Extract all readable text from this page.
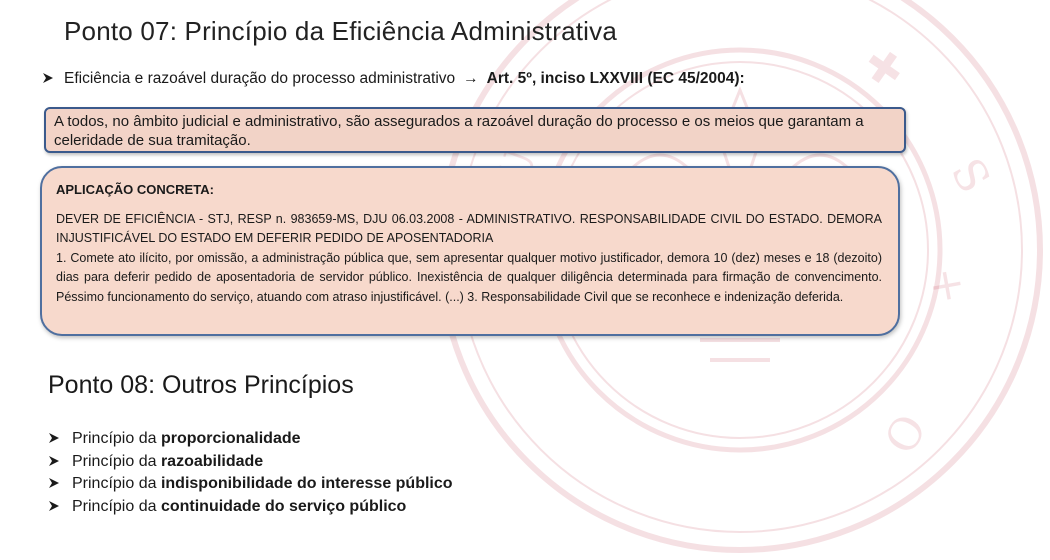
✚
+
O
S
Ponto 07: Princípio da Eficiência Administrativa
Eficiência e razoável duração do processo administrativo → Art. 5º, inciso LXXVIII (EC 45/2004):
A todos, no âmbito judicial e administrativo, são assegurados a razoável duração do processo e os meios que garantam a celeridade de sua tramitação.
APLICAÇÃO CONCRETA:

DEVER DE EFICIÊNCIA - STJ, RESP n. 983659-MS, DJU 06.03.2008 - ADMINISTRATIVO. RESPONSABILIDADE CIVIL DO ESTADO. DEMORA INJUSTIFICÁVEL DO ESTADO EM DEFERIR PEDIDO DE APOSENTADORIA

1. Comete ato ilícito, por omissão, a administração pública que, sem apresentar qualquer motivo justificador, demora 10 (dez) meses e 18 (dezoito) dias para deferir pedido de aposentadoria de servidor público. Inexistência de qualquer diligência determinada para firmação de convencimento. Péssimo funcionamento do serviço, atuando com atraso injustificável. (...) 3. Responsabilidade Civil que se reconhece e indenização deferida.

Ponto 08: Outros Princípios
Princípio da proporcionalidade
Princípio da razoabilidade
Princípio da indisponibilidade do interesse público
Princípio da continuidade do serviço público
